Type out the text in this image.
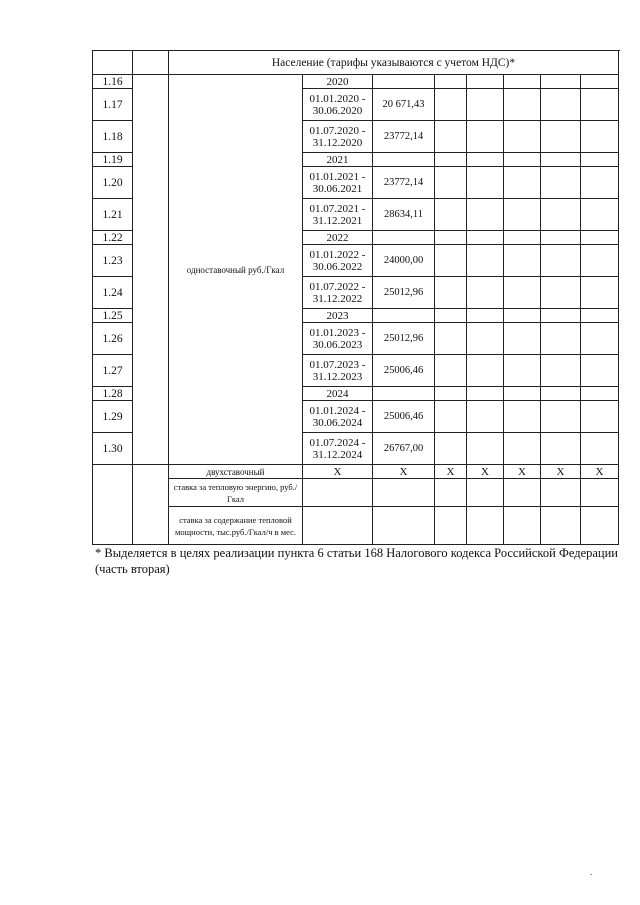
		Население (тарифы указываются с учетом НДС)*								
1.16		одноставочный руб./Гкал	2020							
1.17			01.01.2020 - 30.06.2020	20 671,43						
1.18			01.07.2020 - 31.12.2020	23772,14						
1.19			2021							
1.20			01.01.2021 - 30.06.2021	23772,14						
1.21			01.07.2021 - 31.12.2021	28634,11						
1.22			2022							
1.23			01.01.2022 - 30.06.2022	24000,00						
1.24			01.07.2022 - 31.12.2022	25012,96						
1.25			2023							
1.26			01.01.2023 - 30.06.2023	25012,96						
1.27			01.07.2023 - 31.12.2023	25006,46						
1.28			2024							
1.29			01.01.2024 - 30.06.2024	25006,46						
1.30			01.07.2024 - 31.12.2024	26767,00						
		двухставочный	Х	Х	Х	Х	Х	Х	Х	
		ставка за тепловую энергию, руб./Гкал								
		ставка за содержание тепловой мощности, тыс.руб./Гкал/ч в мес.								
* Выделяется в целях реализации пункта 6 статьи 168 Налогового кодекса Российской Федерации (часть вторая)
